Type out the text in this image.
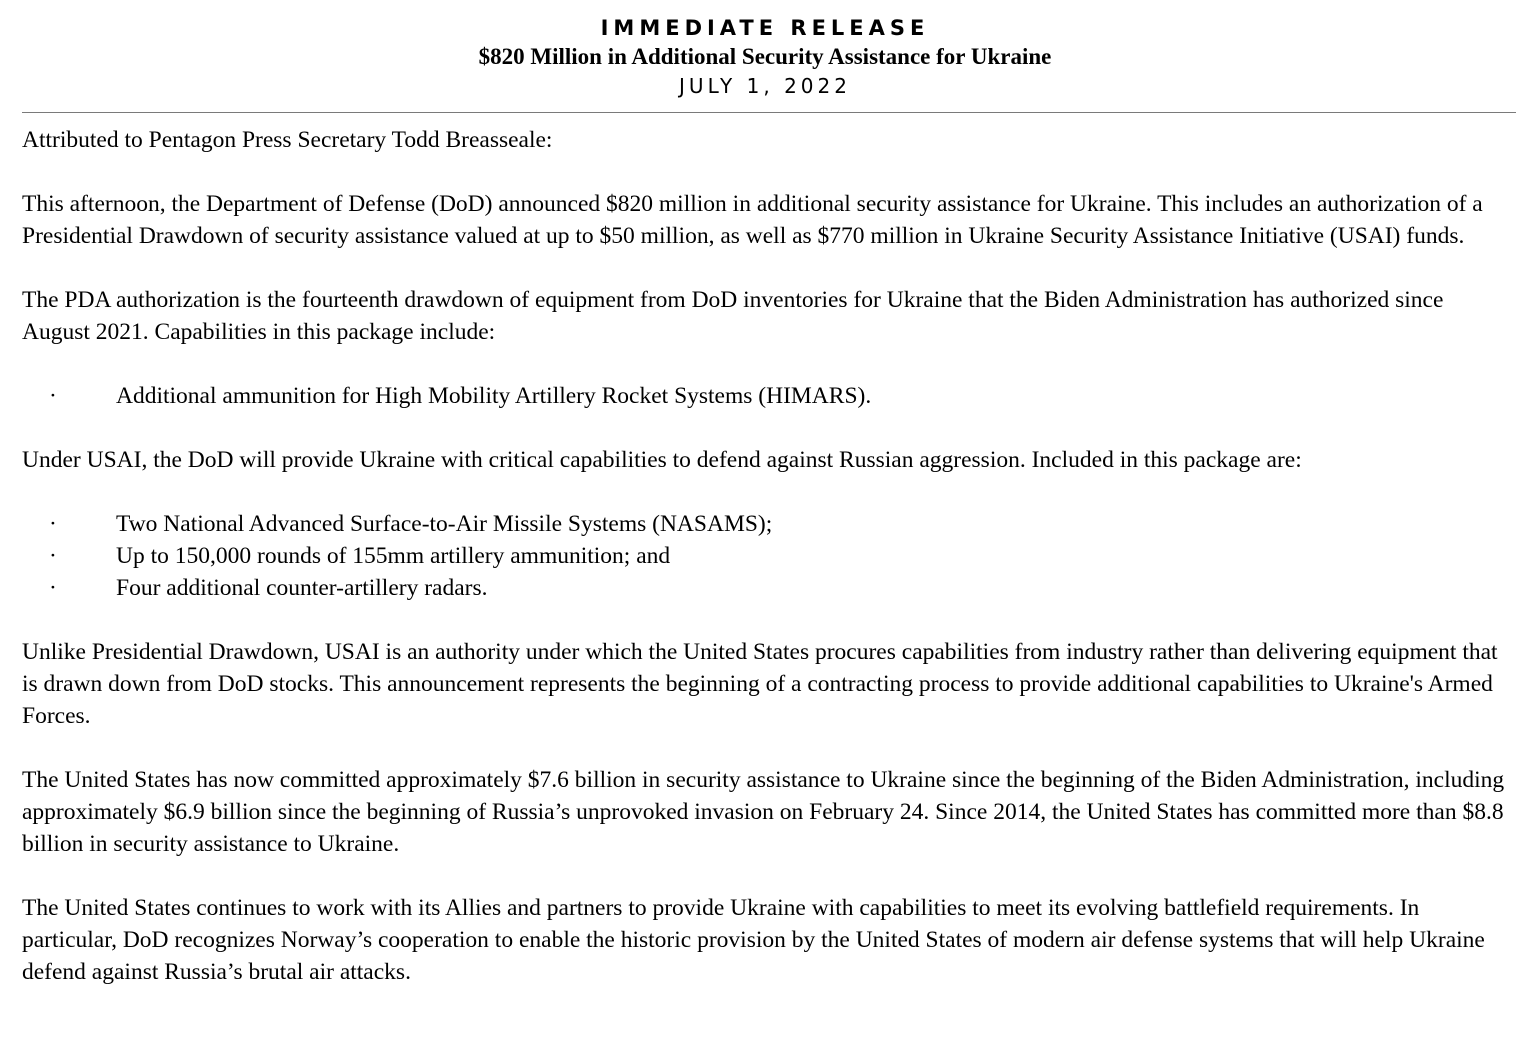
IMMEDIATE RELEASE
$820 Million in Additional Security Assistance for Ukraine
JULY 1, 2022

Attributed to Pentagon Press Secretary Todd Breasseale:

This afternoon, the Department of Defense (DoD) announced $820 million in additional security assistance for Ukraine. This includes an authorization of a Presidential Drawdown of security assistance valued at up to $50 million, as well as $770 million in Ukraine Security Assistance Initiative (USAI) funds.

The PDA authorization is the fourteenth drawdown of equipment from DoD inventories for Ukraine that the Biden Administration has authorized since August 2021. Capabilities in this package include:

·	Additional ammunition for High Mobility Artillery Rocket Systems (HIMARS).

Under USAI, the DoD will provide Ukraine with critical capabilities to defend against Russian aggression. Included in this package are:

·	Two National Advanced Surface-to-Air Missile Systems (NASAMS);
·	Up to 150,000 rounds of 155mm artillery ammunition; and
·	Four additional counter-artillery radars.

Unlike Presidential Drawdown, USAI is an authority under which the United States procures capabilities from industry rather than delivering equipment that is drawn down from DoD stocks. This announcement represents the beginning of a contracting process to provide additional capabilities to Ukraine's Armed Forces.

The United States has now committed approximately $7.6 billion in security assistance to Ukraine since the beginning of the Biden Administration, including approximately $6.9 billion since the beginning of Russia’s unprovoked invasion on February 24. Since 2014, the United States has committed more than $8.8 billion in security assistance to Ukraine.

The United States continues to work with its Allies and partners to provide Ukraine with capabilities to meet its evolving battlefield requirements. In particular, DoD recognizes Norway’s cooperation to enable the historic provision by the United States of modern air defense systems that will help Ukraine defend against Russia’s brutal air attacks.
